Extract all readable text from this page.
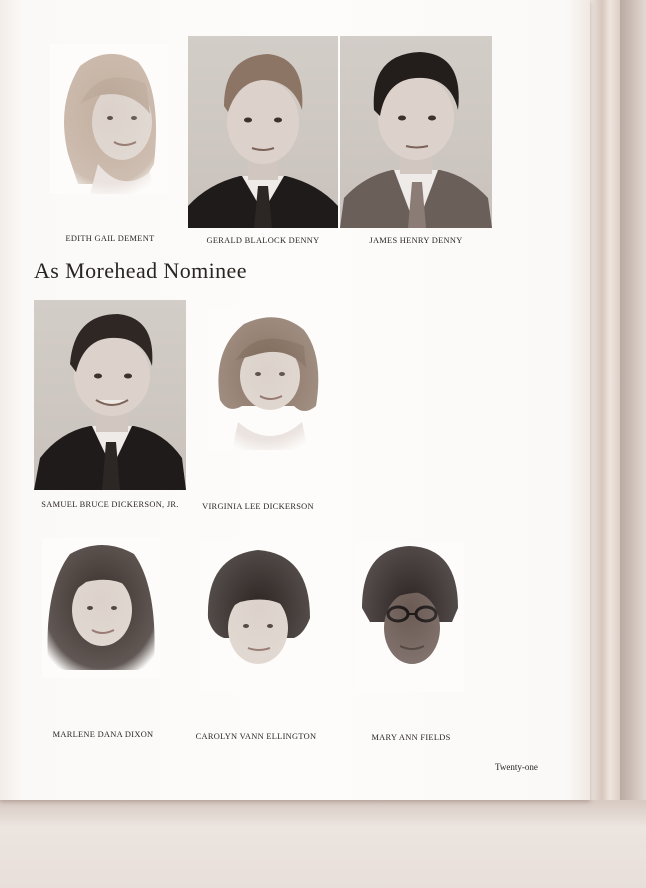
EDITH GAIL DEMENT	GERALD BLALOCK DENNY	JAMES HENRY DENNY
As Morehead Nominee
SAMUEL BRUCE DICKERSON, JR.	VIRGINIA LEE DICKERSON
MARLENE DANA DIXON	CAROLYN VANN ELLINGTON	MARY ANN FIELDS
Twenty-one
